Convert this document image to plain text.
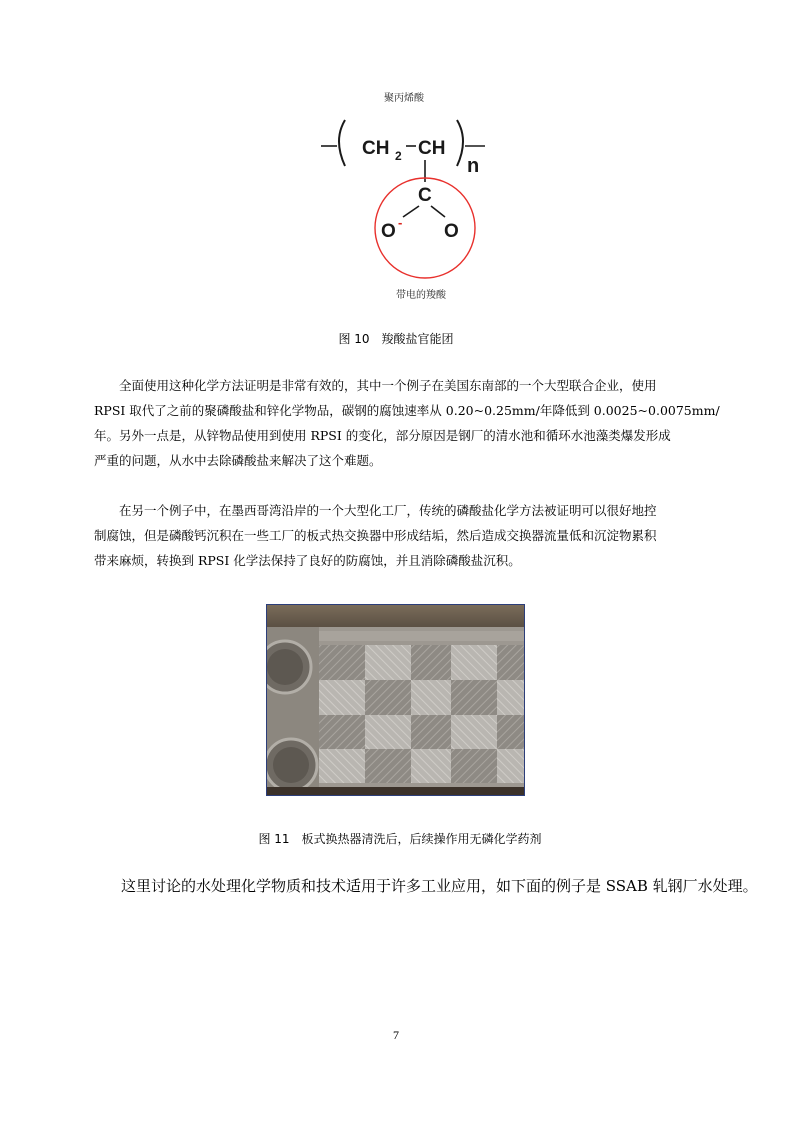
聚丙烯酸
CH 2 CH
n
C
O - O
带电的羧酸
图 10　羧酸盐官能团
全面使用这种化学方法证明是非常有效的，其中一个例子在美国东南部的一个大型联合企业，使用
RPSI 取代了之前的聚磷酸盐和锌化学物品，碳钢的腐蚀速率从 0.20~0.25mm/年降低到 0.0025~0.0075mm/
年。另外一点是，从锌物品使用到使用 RPSI 的变化，部分原因是钢厂的清水池和循环水池藻类爆发形成
严重的问题，从水中去除磷酸盐来解决了这个难题。
在另一个例子中，在墨西哥湾沿岸的一个大型化工厂，传统的磷酸盐化学方法被证明可以很好地控
制腐蚀，但是磷酸钙沉积在一些工厂的板式热交换器中形成结垢，然后造成交换器流量低和沉淀物累积
带来麻烦，转换到 RPSI 化学法保持了良好的防腐蚀，并且消除磷酸盐沉积。
图 11　板式换热器清洗后，后续操作用无磷化学药剂
这里讨论的水处理化学物质和技术适用于许多工业应用，如下面的例子是 SSAB 轧钢厂水处理。
7
